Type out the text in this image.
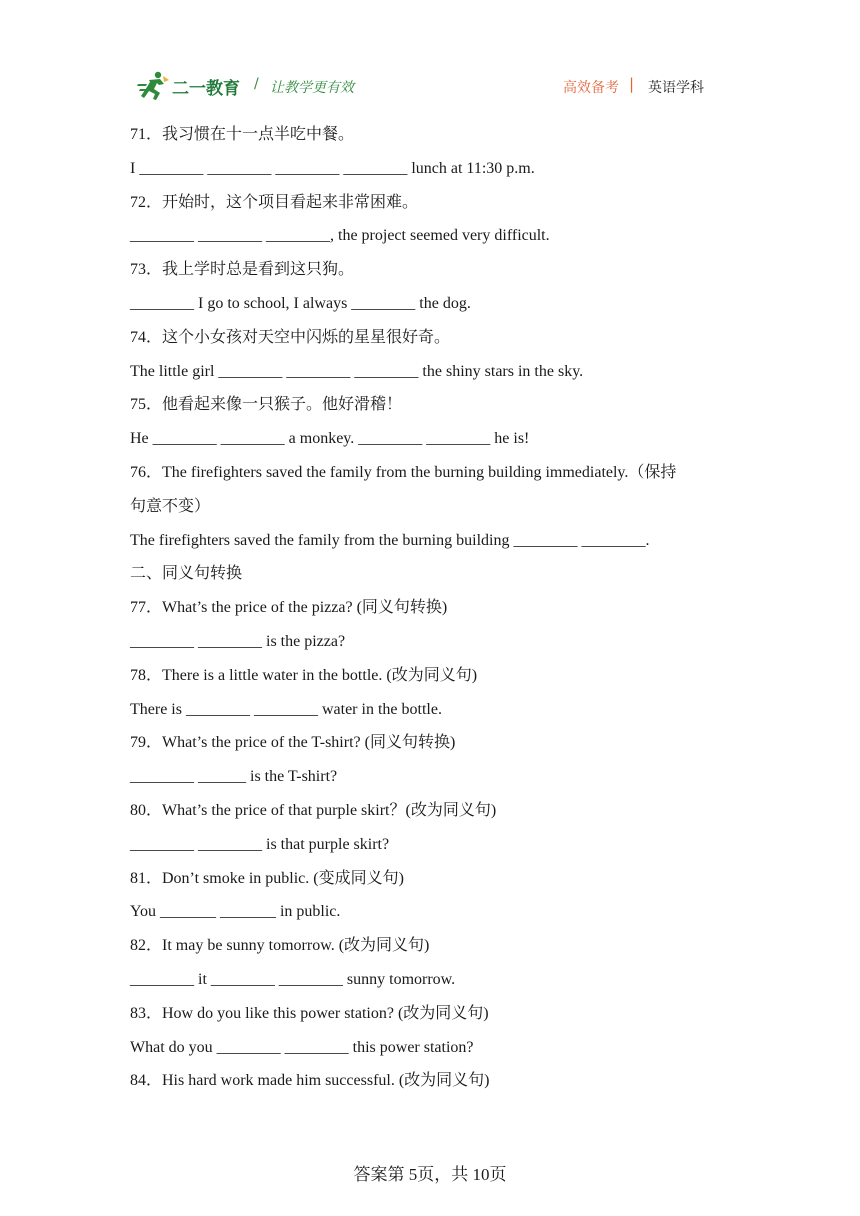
二一教育 / 让教学更有效	高效备考 | 英语学科
71．我习惯在十一点半吃中餐。
I ________ ________ ________ ________ lunch at 11:30 p.m.
72．开始时，这个项目看起来非常困难。
________ ________ ________, the project seemed very difficult.
73．我上学时总是看到这只狗。
________ I go to school, I always ________ the dog.
74．这个小女孩对天空中闪烁的星星很好奇。
The little girl ________ ________ ________ the shiny stars in the sky.
75．他看起来像一只猴子。他好滑稽！
He ________ ________ a monkey. ________ ________ he is!
76．The firefighters saved the family from the burning building immediately.（保持
句意不变）
The firefighters saved the family from the burning building ________ ________.
二、同义句转换
77．What’s the price of the pizza? (同义句转换)
________ ________ is the pizza?
78．There is a little water in the bottle. (改为同义句)
There is ________ ________ water in the bottle.
79．What’s the price of the T-shirt? (同义句转换)
________ ______ is the T-shirt?
80．What’s the price of that purple skirt？(改为同义句)
________ ________ is that purple skirt?
81．Don’t smoke in public. (变成同义句)
You _______ _______ in public.
82．It may be sunny tomorrow. (改为同义句)
________ it ________ ________ sunny tomorrow.
83．How do you like this power station? (改为同义句)
What do you ________ ________ this power station?
84．His hard work made him successful. (改为同义句)
答案第 5页，共 10页
